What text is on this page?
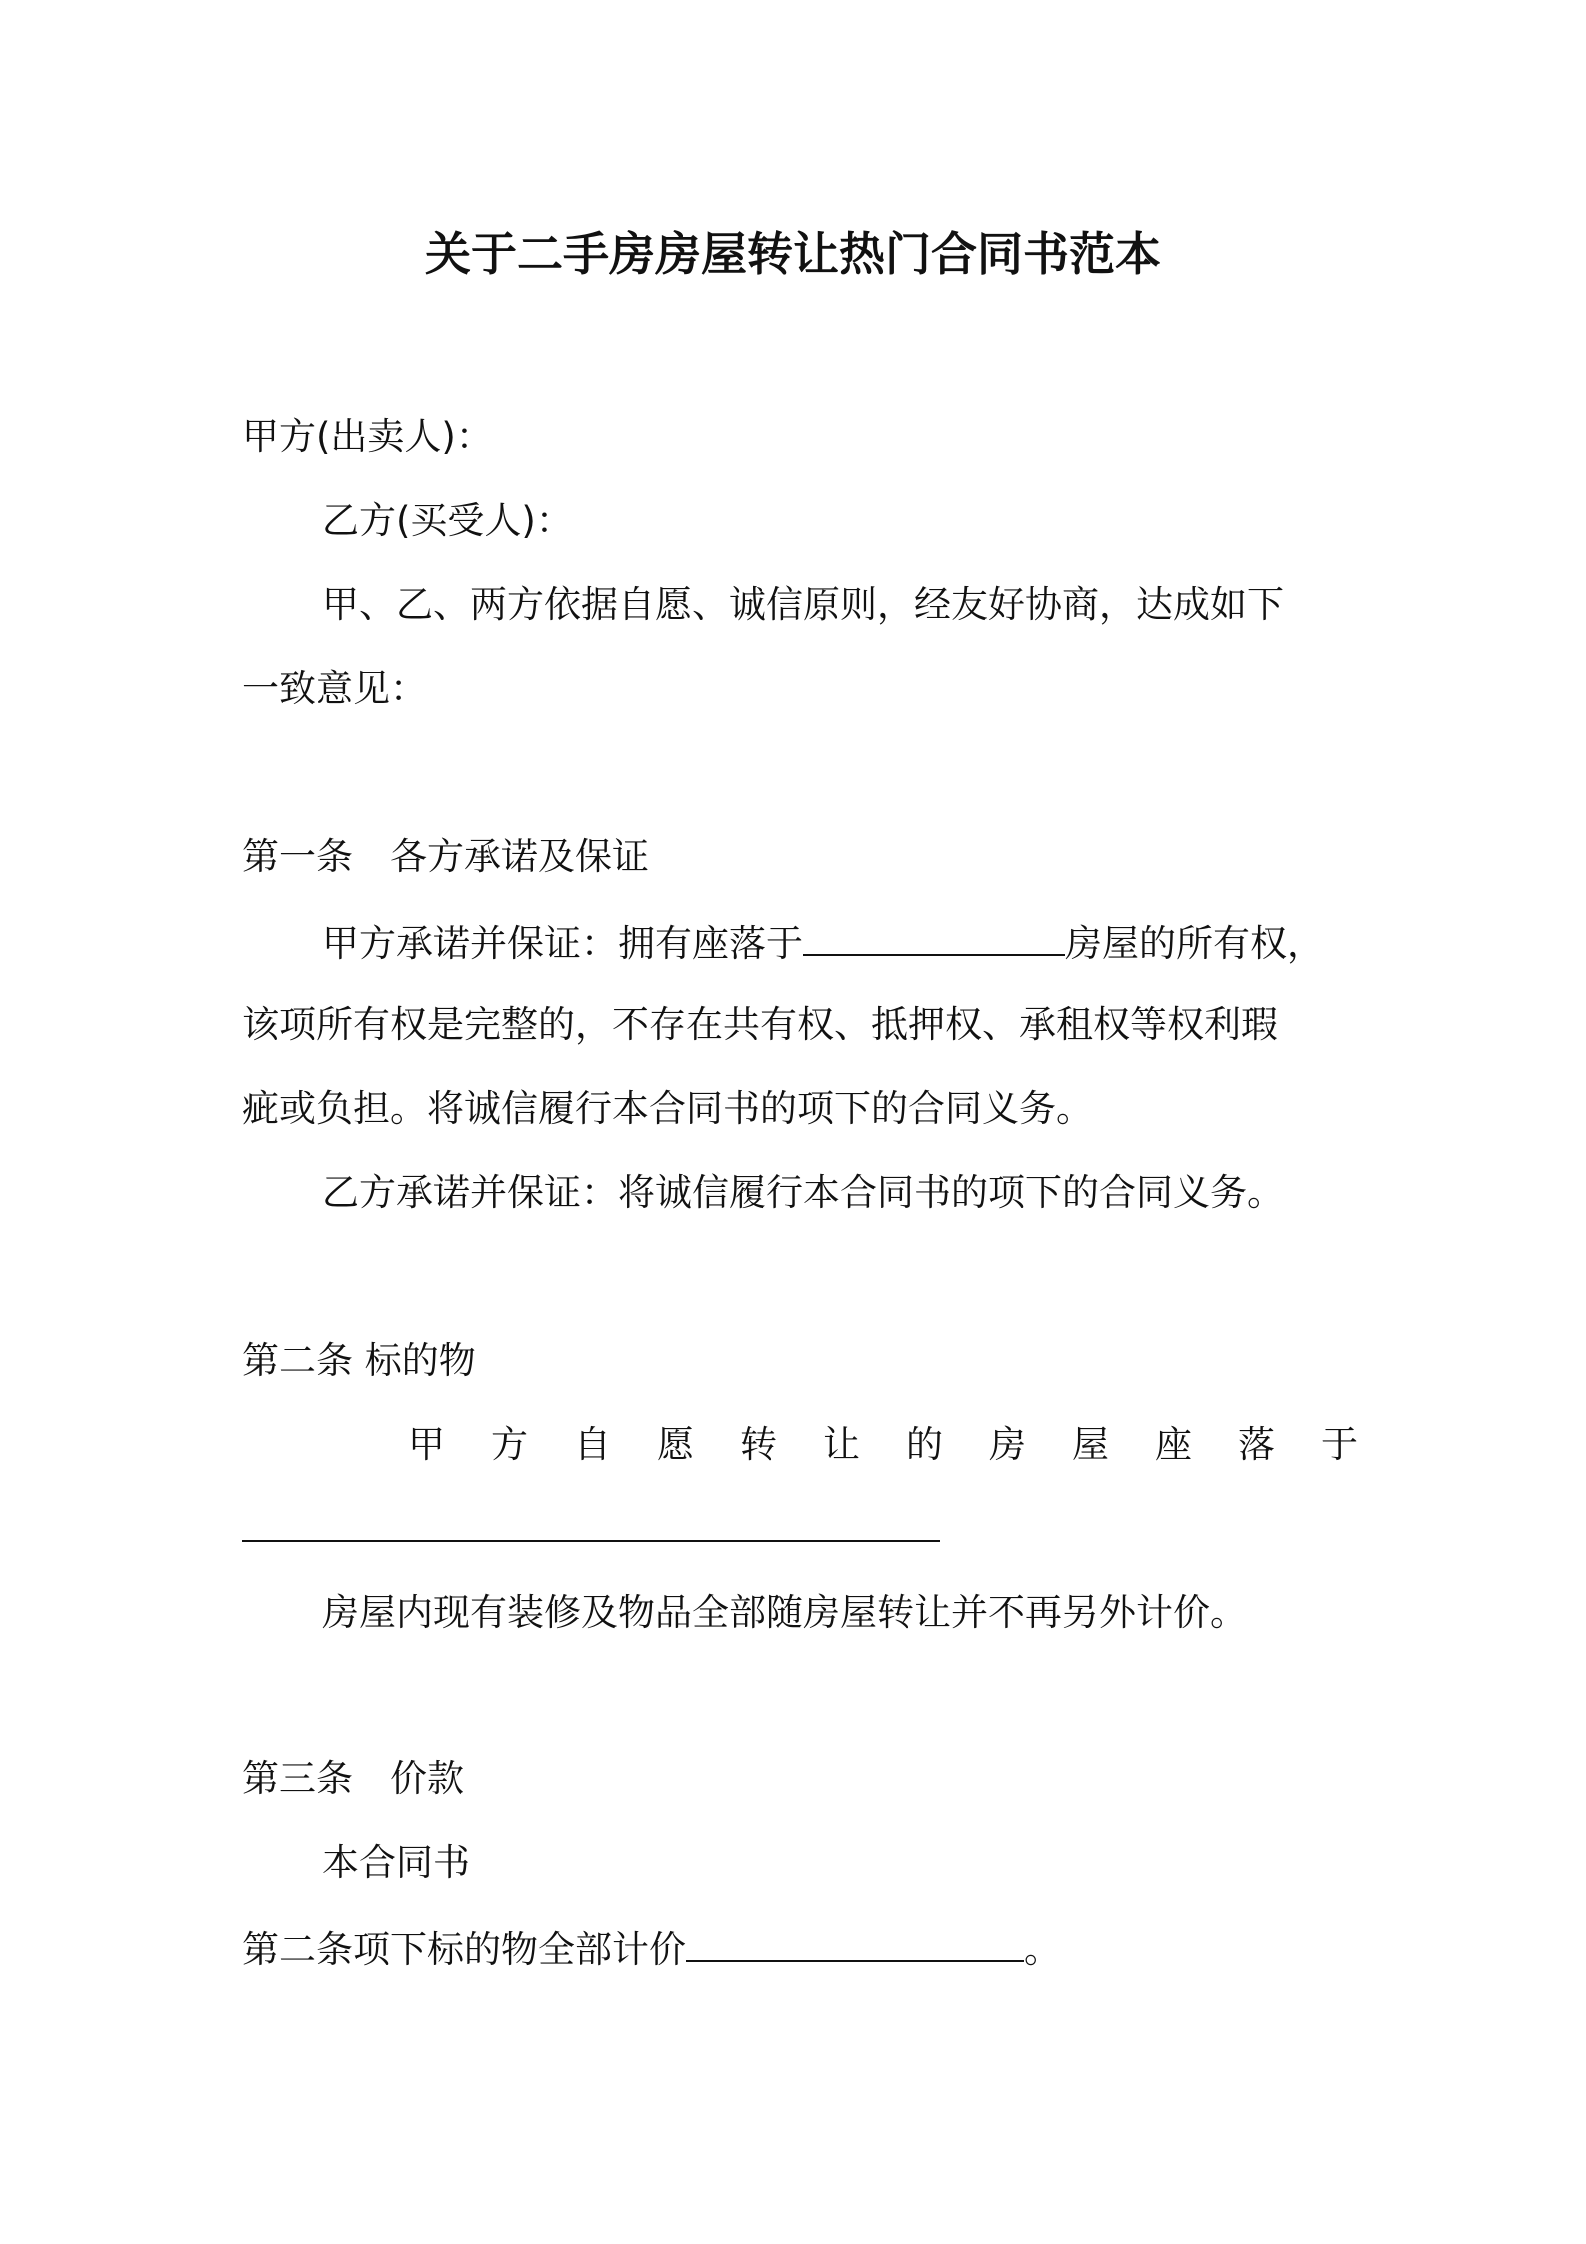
关于二手房房屋转让热门合同书范本
甲方(出卖人)：
乙方(买受人)：
甲、乙、两方依据自愿、诚信原则，经友好协商，达成如下
一致意见：
第一条　各方承诺及保证
甲方承诺并保证：拥有座落于	房屋的所有权，
该项所有权是完整的，不存在共有权、抵押权、承租权等权利瑕
疵或负担。将诚信履行本合同书的项下的合同义务。
乙方承诺并保证：将诚信履行本合同书的项下的合同义务。
第二条 标的物
甲 方 自 愿 转 让 的 房 屋 座 落 于
房屋内现有装修及物品全部随房屋转让并不再另外计价。
第三条　价款
本合同书
第二条项下标的物全部计价	。
